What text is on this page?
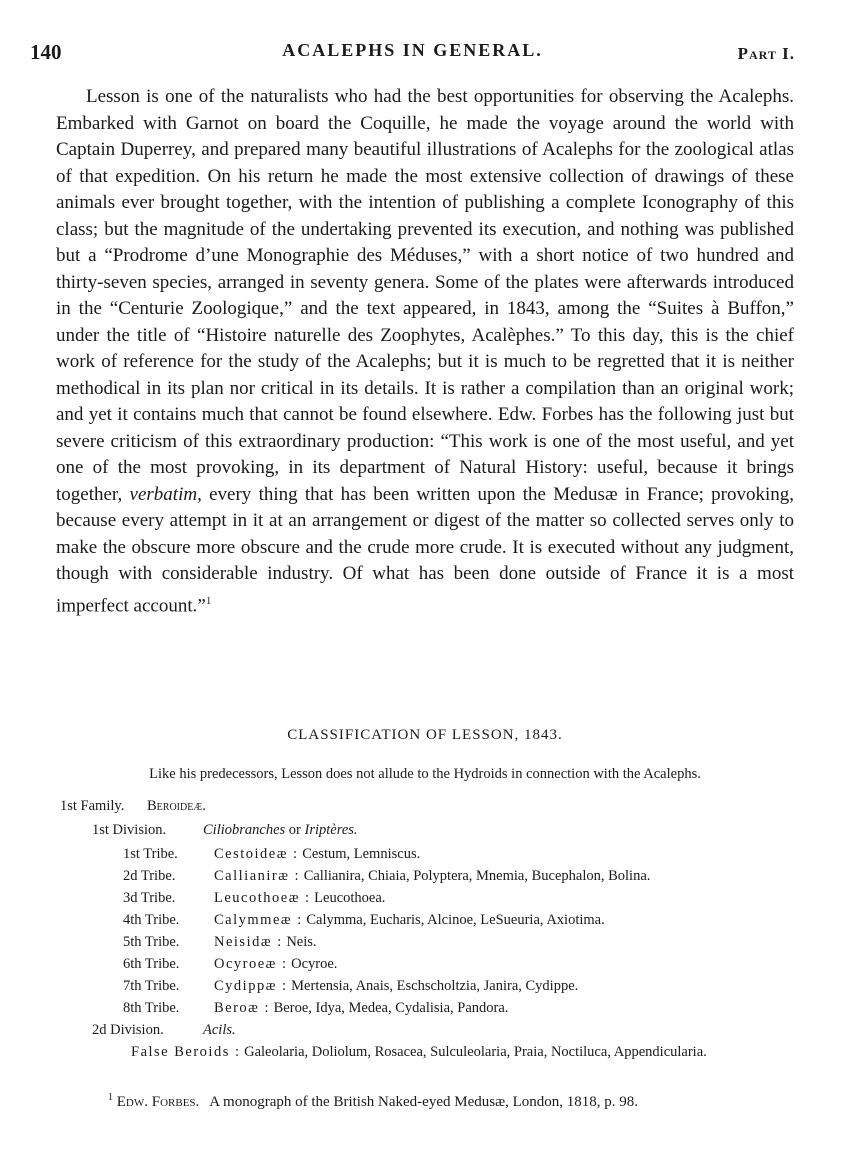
140	ACALEPHS IN GENERAL.	Part I.

Lesson is one of the naturalists who had the best opportunities for observing the Acalephs. Embarked with Garnot on board the Coquille, he made the voyage around the world with Captain Duperrey, and prepared many beautiful illustrations of Acalephs for the zoological atlas of that expedition. On his return he made the most extensive collection of drawings of these animals ever brought together, with the intention of publishing a complete Iconography of this class; but the magnitude of the undertaking prevented its execution, and nothing was published but a “Prodrome d’une Monographie des Méduses,” with a short notice of two hundred and thirty-seven species, arranged in seventy genera. Some of the plates were afterwards introduced in the “Centurie Zoologique,” and the text appeared, in 1843, among the “Suites à Buffon,” under the title of “Histoire naturelle des Zoophytes, Acalèphes.” To this day, this is the chief work of reference for the study of the Acalephs; but it is much to be regretted that it is neither methodical in its plan nor critical in its details. It is rather a compilation than an original work; and yet it contains much that cannot be found elsewhere. Edw. Forbes has the following just but severe criticism of this extraordinary production: “This work is one of the most useful, and yet one of the most provoking, in its department of Natural History: useful, because it brings together, verbatim, every thing that has been written upon the Medusæ in France; provoking, because every attempt in it at an arrangement or digest of the matter so collected serves only to make the obscure more obscure and the crude more crude. It is executed without any judgment, though with considerable industry. Of what has been done outside of France it is a most imperfect account.”$^1$

CLASSIFICATION OF LESSON, 1843.
Like his predecessors, Lesson does not allude to the Hydroids in connection with the Acalephs.
1st Family. Beroideæ.
1st Division.	Ciliobranches or Iriptères.
1st Tribe. Cestoideæ : Cestum, Lemniscus.
2d Tribe.	Callianiræ : Callianira, Chiaia, Polyptera, Mnemia, Bucephalon, Bolina.
3d Tribe.	Leucothoeæ : Leucothoea.
4th Tribe. Calymmeæ : Calymma, Eucharis, Alcinoe, LeSueuria, Axiotima.
5th Tribe. Neisidæ : Neis.
6th Tribe. Ocyroeæ : Ocyroe.
7th Tribe. Cydippæ : Mertensia, Anais, Eschscholtzia, Janira, Cydippe.
8th Tribe. Beroæ : Beroe, Idya, Medea, Cydalisia, Pandora.
2d Division.	Acils.
False Beroids : Galeolaria, Doliolum, Rosacea, Sulculeolaria, Praia, Noctiluca, Appendicularia.
$^1$ Edw. Forbes. A monograph of the British Naked-eyed Medusæ, London, 1818, p. 98.
